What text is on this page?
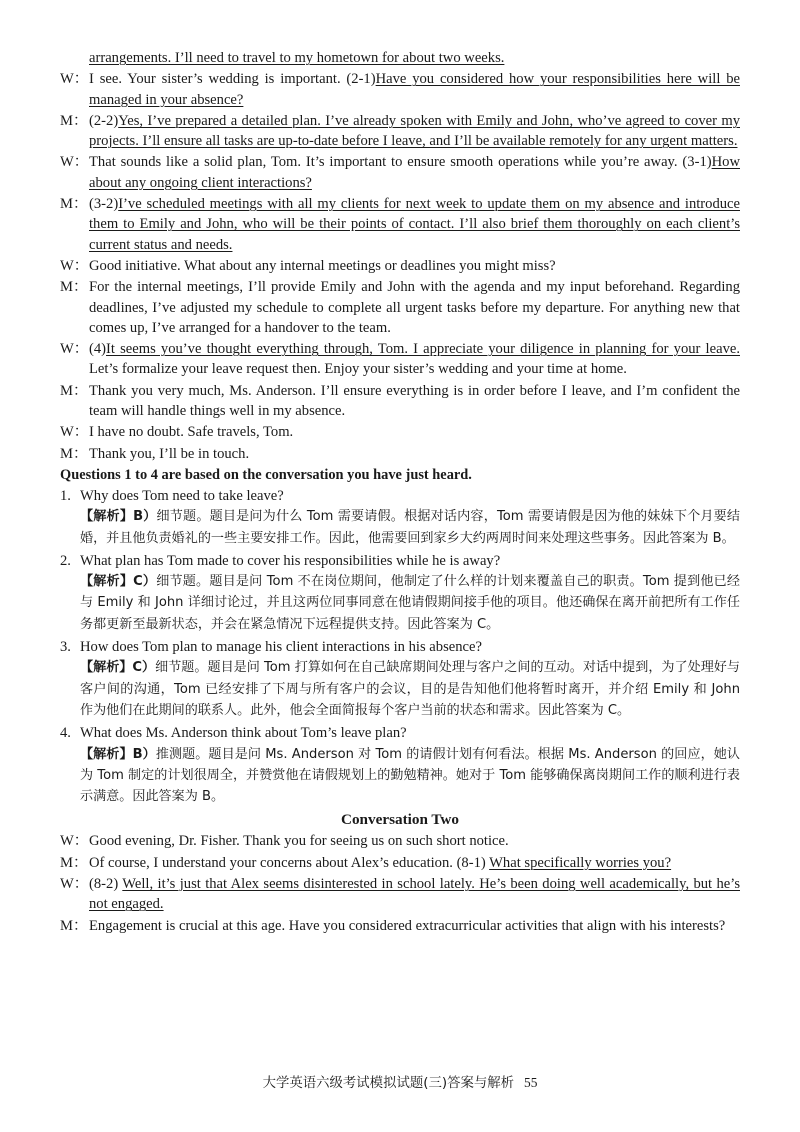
arrangements. I’ll need to travel to my hometown for about two weeks.
W： I see. Your sister’s wedding is important. (2-1)Have you considered how your responsibilities here will be managed in your absence?
M： (2-2)Yes, I’ve prepared a detailed plan. I’ve already spoken with Emily and John, who’ve agreed to cover my projects. I’ll ensure all tasks are up-to-date before I leave, and I’ll be available remotely for any urgent matters.
W： That sounds like a solid plan, Tom. It’s important to ensure smooth operations while you’re away. (3-1)How about any ongoing client interactions?
M： (3-2)I’ve scheduled meetings with all my clients for next week to update them on my absence and introduce them to Emily and John, who will be their points of contact. I’ll also brief them thoroughly on each client’s current status and needs.
W： Good initiative. What about any internal meetings or deadlines you might miss?
M： For the internal meetings, I’ll provide Emily and John with the agenda and my input beforehand. Regarding deadlines, I’ve adjusted my schedule to complete all urgent tasks before my departure. For anything new that comes up, I’ve arranged for a handover to the team.
W： (4)It seems you’ve thought everything through, Tom. I appreciate your diligence in planning for your leave. Let’s formalize your leave request then. Enjoy your sister’s wedding and your time at home.
M： Thank you very much, Ms. Anderson. I’ll ensure everything is in order before I leave, and I’m confident the team will handle things well in my absence.
W： I have no doubt. Safe travels, Tom.
M： Thank you, I’ll be in touch.
Questions 1 to 4 are based on the conversation you have just heard.
1. Why does Tom need to take leave?
【解析】B）细节题。题目是问为什么 Tom 需要请假。根据对话内容，Tom 需要请假是因为他的妹妹下个月要结婚，并且他负责婚礼的一些主要安排工作。因此，他需要回到家乡大约两周时间来处理这些事务。因此答案为 B。
2. What plan has Tom made to cover his responsibilities while he is away?
【解析】C）细节题。题目是问 Tom 不在岗位期间，他制定了什么样的计划来覆盖自己的职责。Tom 提到他已经与 Emily 和 John 详细讨论过，并且这两位同事同意在他请假期间接手他的项目。他还确保在离开前把所有工作任务都更新至最新状态，并会在紧急情况下远程提供支持。因此答案为 C。
3. How does Tom plan to manage his client interactions in his absence?
【解析】C）细节题。题目是问 Tom 打算如何在自己缺席期间处理与客户之间的互动。对话中提到，为了处理好与客户间的沟通，Tom 已经安排了下周与所有客户的会议，目的是告知他们他将暂时离开，并介绍 Emily 和 John 作为他们在此期间的联系人。此外，他会全面简报每个客户当前的状态和需求。因此答案为 C。
4. What does Ms. Anderson think about Tom’s leave plan?
【解析】B）推测题。题目是问 Ms. Anderson 对 Tom 的请假计划有何看法。根据 Ms. Anderson 的回应，她认为 Tom 制定的计划很周全，并赞赏他在请假规划上的勤勉精神。她对于 Tom 能够确保离岗期间工作的顺利进行表示满意。因此答案为 B。
Conversation Two
W： Good evening, Dr. Fisher. Thank you for seeing us on such short notice.
M： Of course, I understand your concerns about Alex’s education. (8-1) What specifically worries you?
W： (8-2) Well, it’s just that Alex seems disinterested in school lately. He’s been doing well academically, but he’s not engaged.
M： Engagement is crucial at this age. Have you considered extracurricular activities that align with his interests?
大学英语六级考试模拟试题(三)答案与解析 55
